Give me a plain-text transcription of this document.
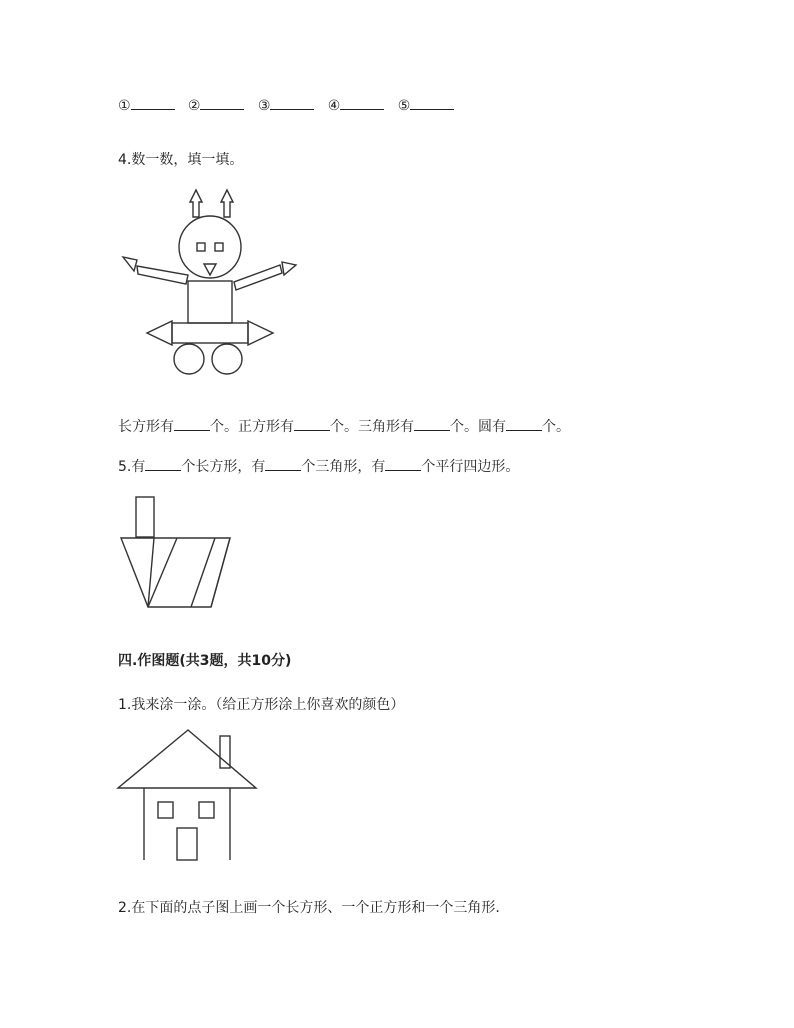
①	②	③	④	⑤
4.数一数，填一填。
长方形有	个。正方形有	个。三角形有	个。圆有	个。
5.有	个长方形，有	个三角形，有	个平行四边形。
四.作图题(共3题，共10分)
1.我来涂一涂。（给正方形涂上你喜欢的颜色）
2.在下面的点子图上画一个长方形、一个正方形和一个三角形.
